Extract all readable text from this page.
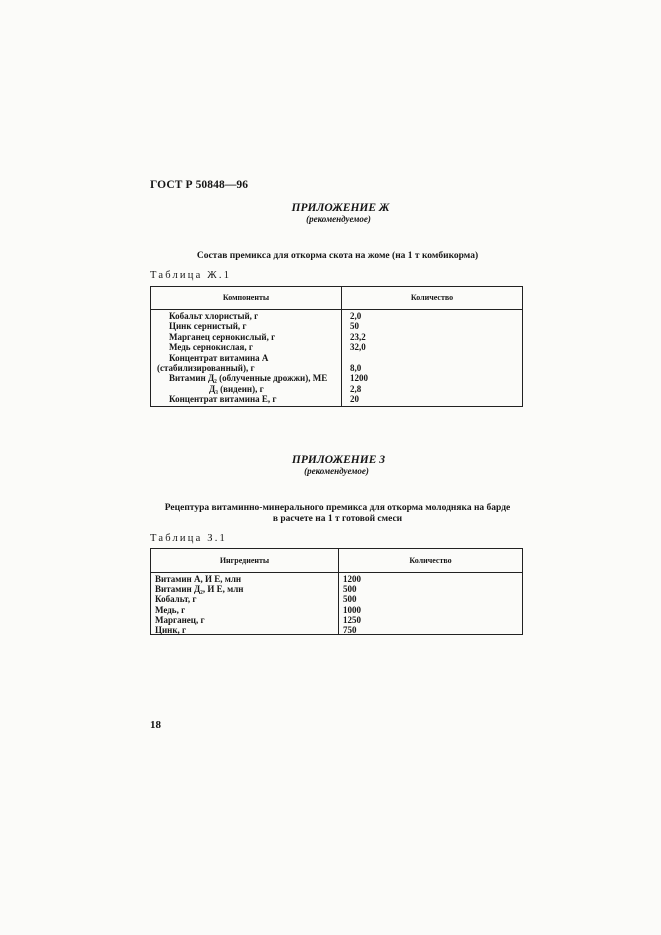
ГОСТ Р 50848—96
ПРИЛОЖЕНИЕ Ж
(рекомендуемое)
Состав премикса для откорма скота на жоме (на 1 т комбикорма)
Таблица Ж.1
Компоненты	Количество
Кобальт хлористый, г	2,0
Цинк сернистый, г	50
Марганец сернокислый, г	23,2
Медь сернокислая, г	32,0
Концентрат витамина А
(стабилизированный), г	8,0
Витамин Д₂ (облученные дрожжи), МЕ	1200
Д₃ (видеин), г	2,8
Концентрат витамина Е, г	20
ПРИЛОЖЕНИЕ З
(рекомендуемое)
Рецептура витаминно-минерального премикса для откорма молодняка на барде
в расчете на 1 т готовой смеси
Таблица З.1
Ингредиенты	Количество
Витамин А, И Е, млн	1200
Витамин Д₂, И Е, млн	500
Кобальт, г	500
Медь, г	1000
Марганец, г	1250
Цинк, г	750
18
